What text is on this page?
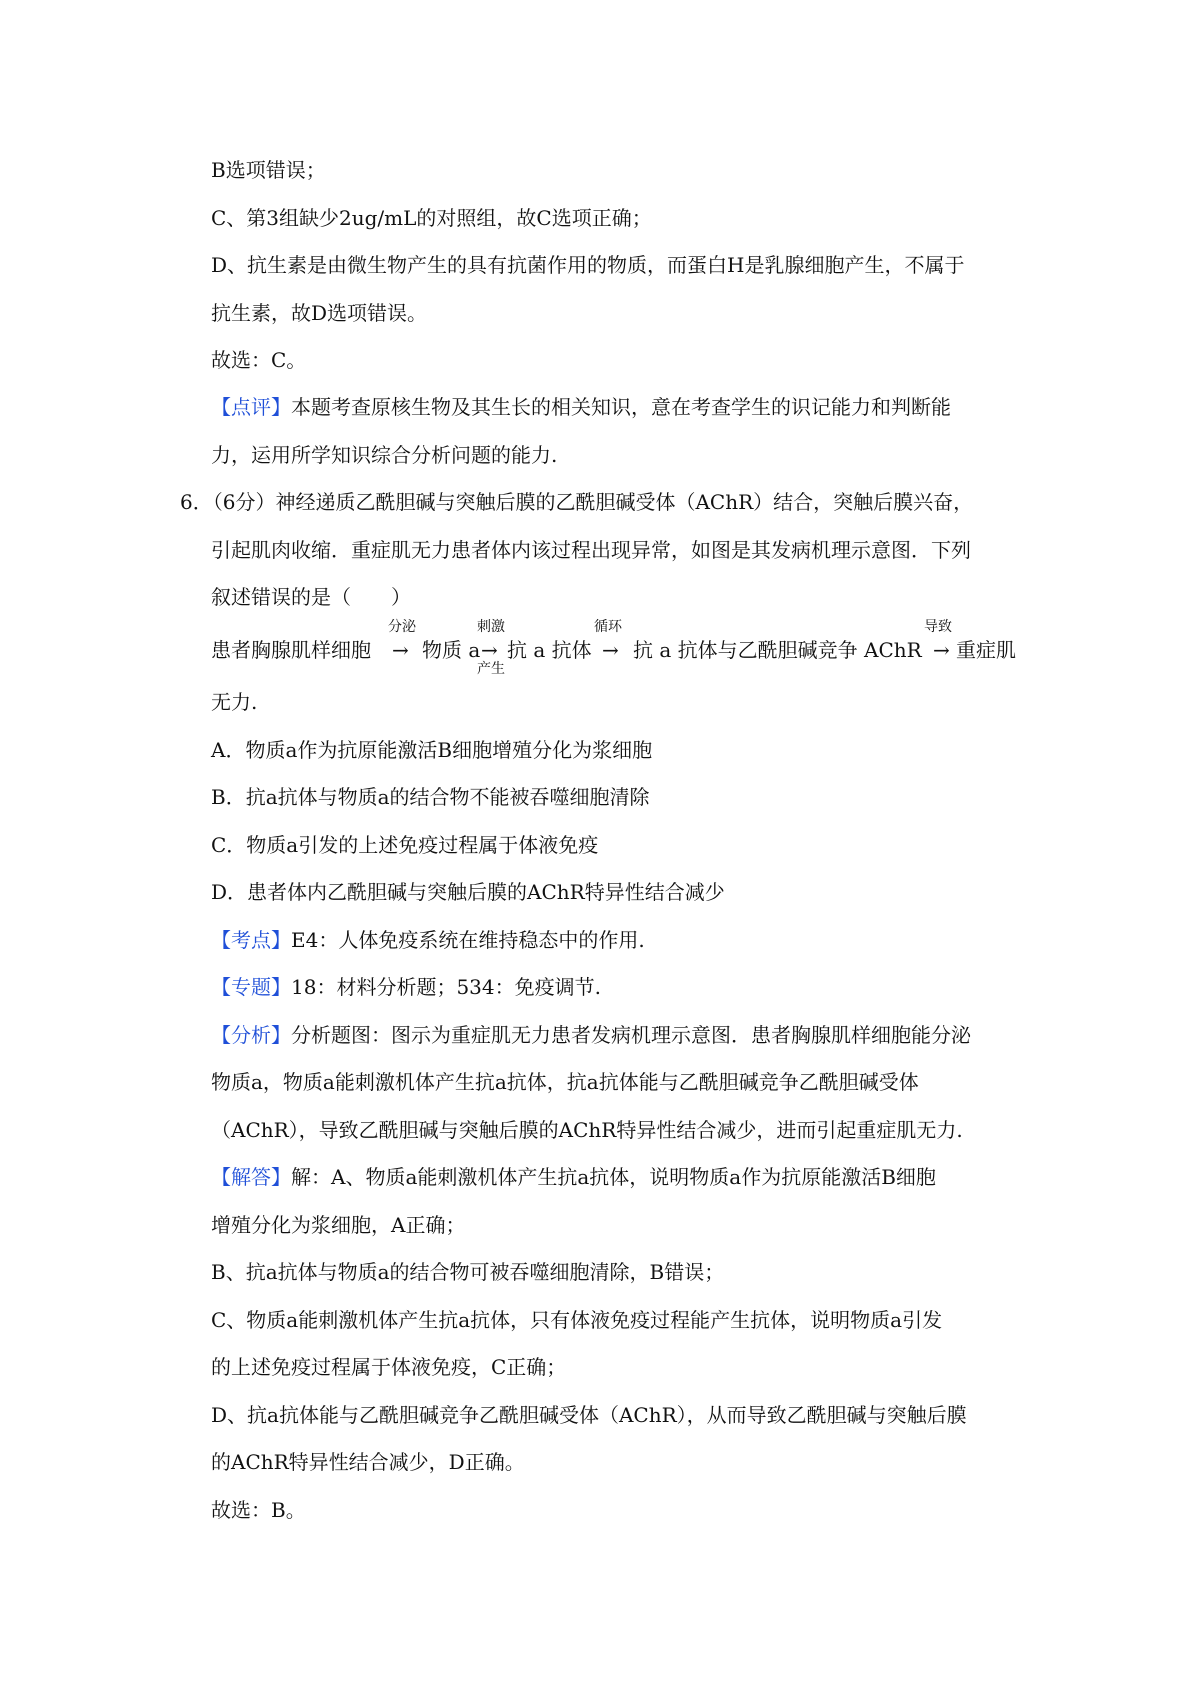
B选项错误；
C、第3组缺少2ug/mL的对照组，故C选项正确；
D、抗生素是由微生物产生的具有抗菌作用的物质，而蛋白H是乳腺细胞产生，不属于
抗生素，故D选项错误。
故选：C。
【点评】本题考查原核生物及其生长的相关知识，意在考查学生的识记能力和判断能
力，运用所学知识综合分析问题的能力.
6．（6分）神经递质乙酰胆碱与突触后膜的乙酰胆碱受体（AChR）结合，突触后膜兴奋，
引起肌肉收缩．重症肌无力患者体内该过程出现异常，如图是其发病机理示意图．下列
叙述错误的是（　　）
患者胸腺肌样细胞
分泌
→ 物质 a
刺激
→
产生
抗 a 抗体
循环
→ 抗 a 抗体与乙酰胆碱竞争 AChR
导致
→ 重症肌
无力.
A．物质a作为抗原能激活B细胞增殖分化为浆细胞
B．抗a抗体与物质a的结合物不能被吞噬细胞清除
C．物质a引发的上述免疫过程属于体液免疫
D．患者体内乙酰胆碱与突触后膜的AChR特异性结合减少
【考点】E4：人体免疫系统在维持稳态中的作用.
【专题】18：材料分析题；534：免疫调节.
【分析】分析题图：图示为重症肌无力患者发病机理示意图．患者胸腺肌样细胞能分泌
物质a，物质a能刺激机体产生抗a抗体，抗a抗体能与乙酰胆碱竞争乙酰胆碱受体
（AChR），导致乙酰胆碱与突触后膜的AChR特异性结合减少，进而引起重症肌无力.
【解答】解：A、物质a能刺激机体产生抗a抗体，说明物质a作为抗原能激活B细胞
增殖分化为浆细胞，A正确；
B、抗a抗体与物质a的结合物可被吞噬细胞清除，B错误；
C、物质a能刺激机体产生抗a抗体，只有体液免疫过程能产生抗体，说明物质a引发
的上述免疫过程属于体液免疫，C正确；
D、抗a抗体能与乙酰胆碱竞争乙酰胆碱受体（AChR），从而导致乙酰胆碱与突触后膜
的AChR特异性结合减少，D正确。
故选：B。
